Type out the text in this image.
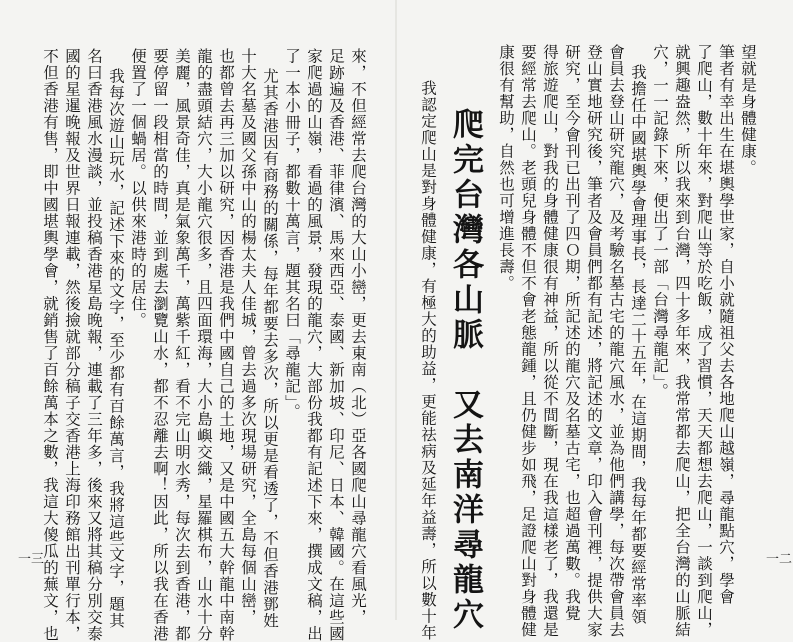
望就是身體健康。
筆者有幸出生在堪輿學世家，自小就隨祖父去各地爬山越嶺，尋龍點穴，學會
了爬山，數十年來，對爬山等於吃飯，成了習慣，天天都想去爬山，一談到爬山，
就興趣盎然，所以我來到台灣，四十多年來，我常常都去爬山，把全台灣的山脈結
穴，一一記錄下來，便出了一部「台灣尋龍記」。
我擔任中國堪輿學會理事長，長達二十五年，在這期間，我每年都要經常率領
會員去登山研究龍穴，及考驗名墓古宅的龍穴風水，並為他們講學，每次帶會員去
登山實地研究後，筆者及會員們都有記述，將記述的文章，印入會刊裡，提供大家
研究，至今會刊已出刊了四Ｏ期，所記述的龍穴及名墓古宅，也超過萬數。我覺
得旅遊爬山，對我的身體健康很有神益，所以從不間斷，現在我這樣老了，我還是
要經常去爬山。老頭兒身體不但不會老態龍鍾，且仍健步如飛，足證爬山對身體健
康很有幫助，自然也可增進長壽。
爬完台灣各山脈　又去南洋尋龍穴
我認定爬山是對身體健康，有極大的助益，更能祛病及延年益壽，所以數十年	一二
來，不但經常去爬台灣的大山小巒，更去東南（北）亞各國爬山尋龍穴看風光，
足跡遍及香港、菲律濱、馬來西亞、泰國、新加坡、印尼、日本、韓國。在這些國
家爬過的山嶺，看過的風景，發現的龍穴，大部份我都有記述下來，撰成文稿，出
了一本小冊子，都數十萬言，題其名曰「尋龍記」。
尤其香港因有商務的關係，每年都要去多次，所以更是看透了，不但香港鄧姓
十大名墓及國父孫中山的楊太夫人佳城，曾去過多次現場研究，全島每個山巒，
也都曾去再三加以研究，因香港是我們中國自己的土地，又是中國五大幹龍中南幹
龍的盡頭結穴，大小龍穴很多，且四面環海，大小島嶼交織，星羅棋布，山水十分
美麗，風景奇佳，真是氣象萬千，萬紫千紅，看不完山明水秀，每次去到香港，都
要停留一段相當的時間，並到處去瀏覽山水，都不忍離去啊！因此，所以我在香港
便置了一個蝸居。以供來港時的居住。
我每次遊山玩水，記述下來的文字，至少都有百餘萬言，我將這些文字，題其
名曰香港風水漫談，並投稿香港星島晚報，連載了三年多，後來又將其稿分別交泰
國的星暹晚報及世界日報連載，然後撿就部分稿子交香港上海印務館出刊單行本，
不但香港有售，即中國堪輿學會，就銷售了百餘萬本之數，我這大傻瓜的蕪文，也
一三
